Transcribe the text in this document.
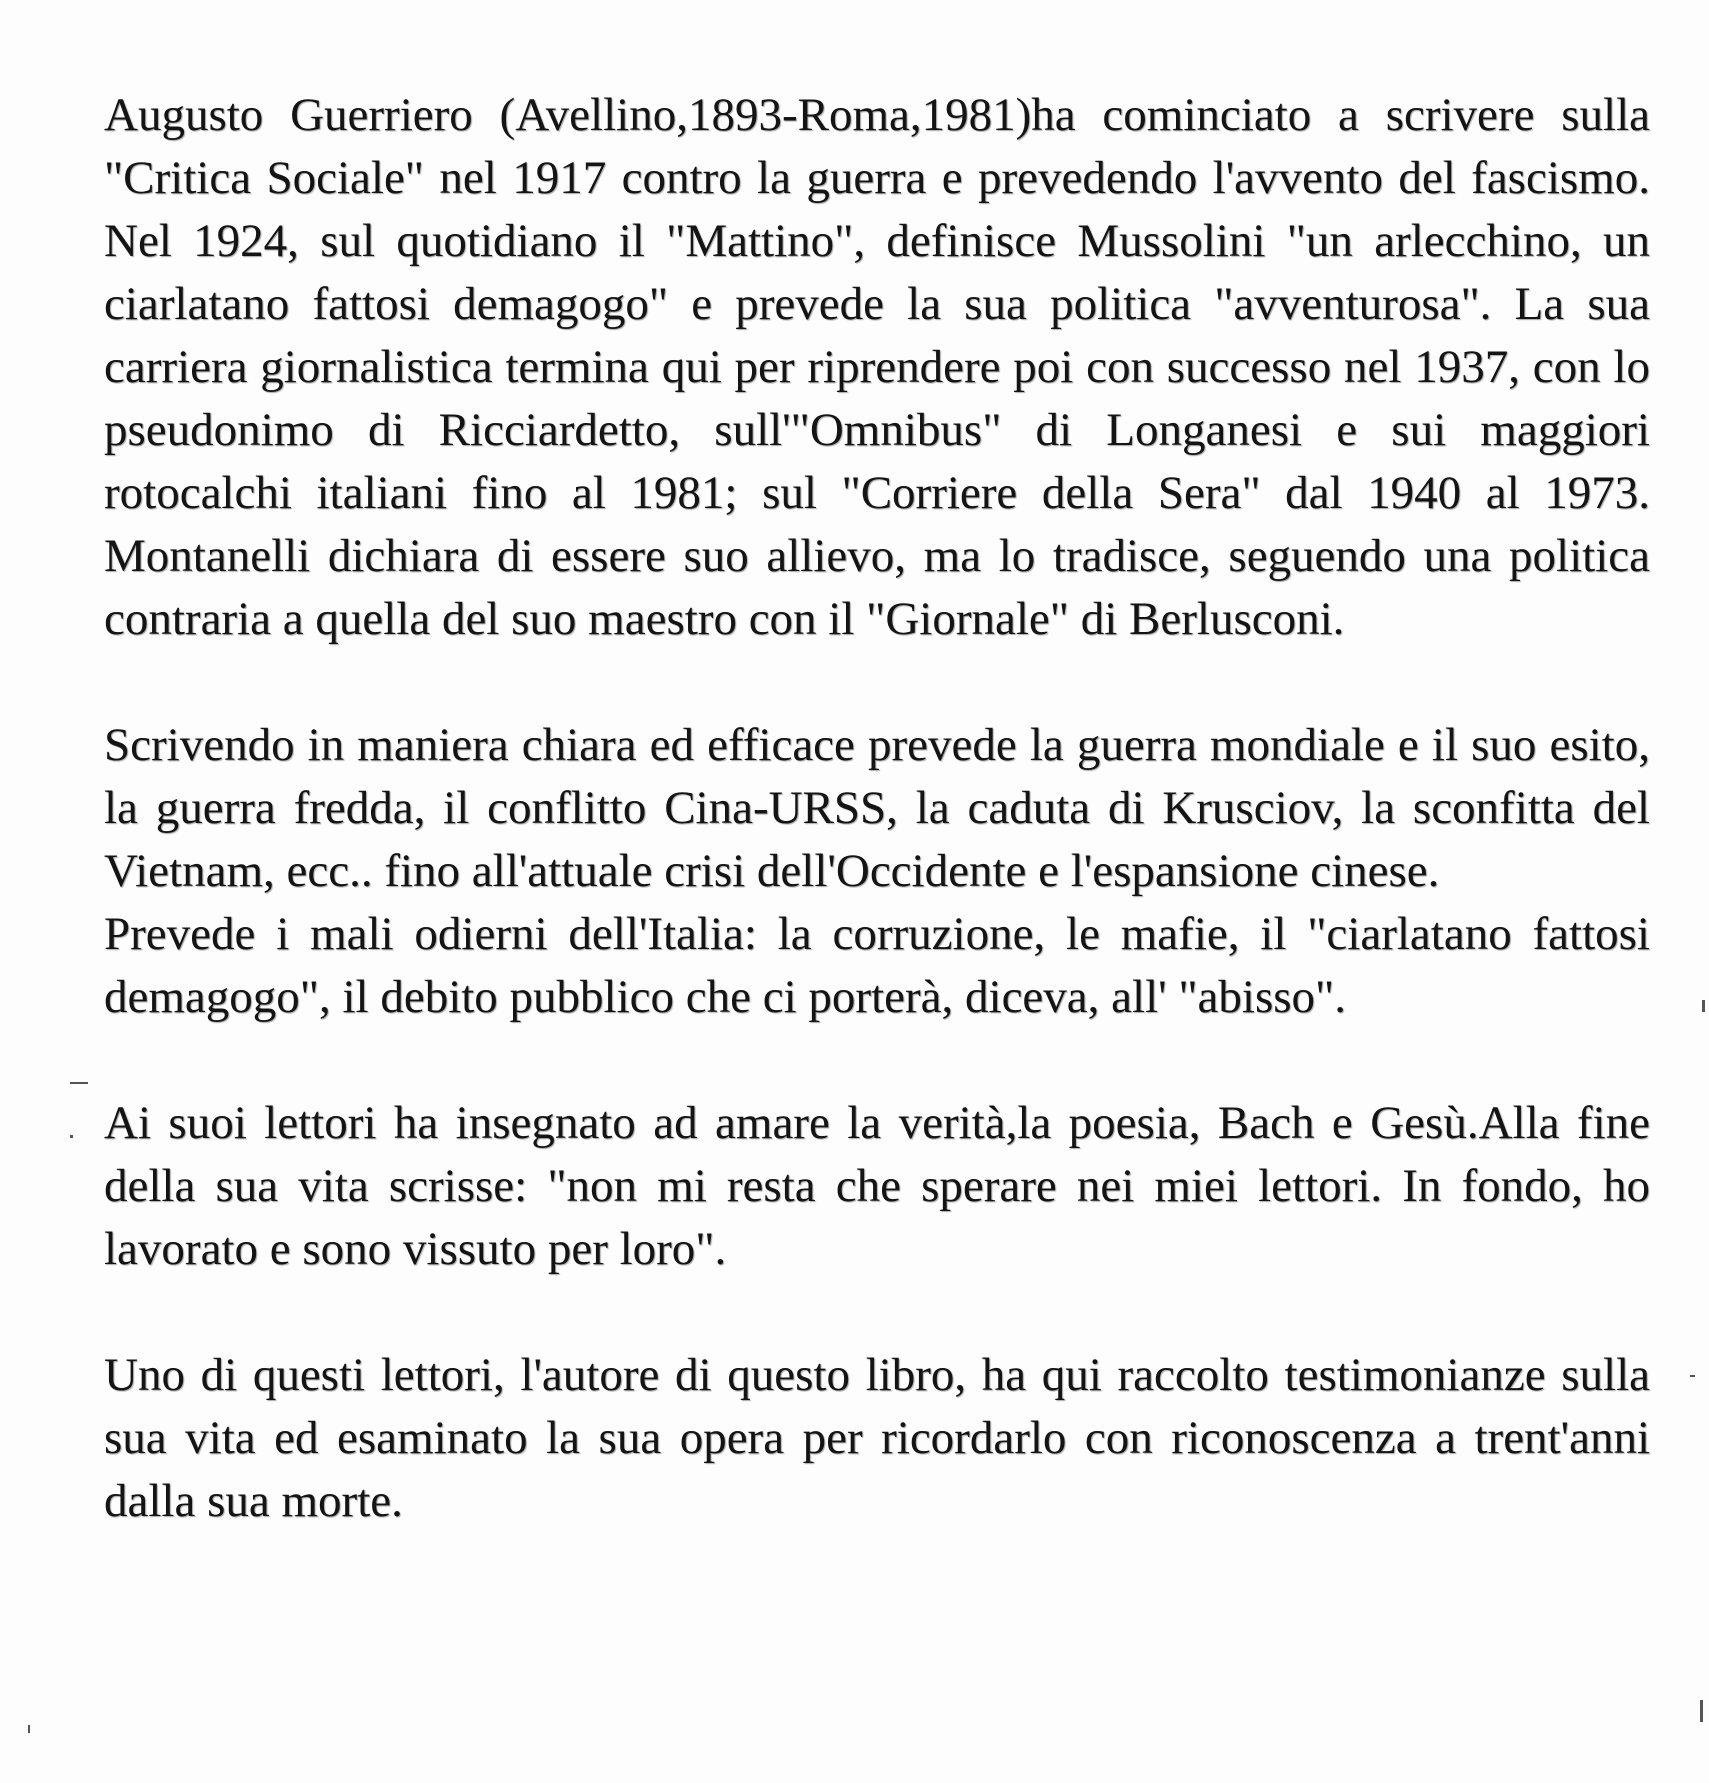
Augusto Guerriero (Avellino,1893-Roma,1981)ha cominciato a scrivere sulla "Critica Sociale" nel 1917 contro la guerra e prevedendo l'avvento del fascismo. Nel 1924, sul quotidiano il "Mattino", definisce Mussolini "un arlecchino, un ciarlatano fattosi demagogo" e prevede la sua politica "avventurosa". La sua carriera giornalistica termina qui per riprendere poi con successo nel 1937, con lo pseudonimo di Ricciardetto, sull'"Omnibus" di Longanesi e sui maggiori rotocalchi italiani fino al 1981; sul "Corriere della Sera" dal 1940 al 1973. Montanelli dichiara di essere suo allievo, ma lo tradisce, seguendo una politica contraria a quella del suo maestro con il "Giornale" di Berlusconi.

Scrivendo in maniera chiara ed efficace prevede la guerra mondiale e il suo esito, la guerra fredda, il conflitto Cina-URSS, la caduta di Krusciov, la sconfitta del Vietnam, ecc.. fino all'attuale crisi dell'Occidente e l'espansione cinese.

Prevede i mali odierni dell'Italia: la corruzione, le mafie, il "ciarlatano fattosi demagogo", il debito pubblico che ci porterà, diceva, all' "abisso".

Ai suoi lettori ha insegnato ad amare la verità,la poesia, Bach e Gesù.Alla fine della sua vita scrisse: "non mi resta che sperare nei miei lettori. In fondo, ho lavorato e sono vissuto per loro".

Uno di questi lettori, l'autore di questo libro, ha qui raccolto testimonianze sulla sua vita ed esaminato la sua opera per ricordarlo con riconoscenza a trent'anni dalla sua morte.
